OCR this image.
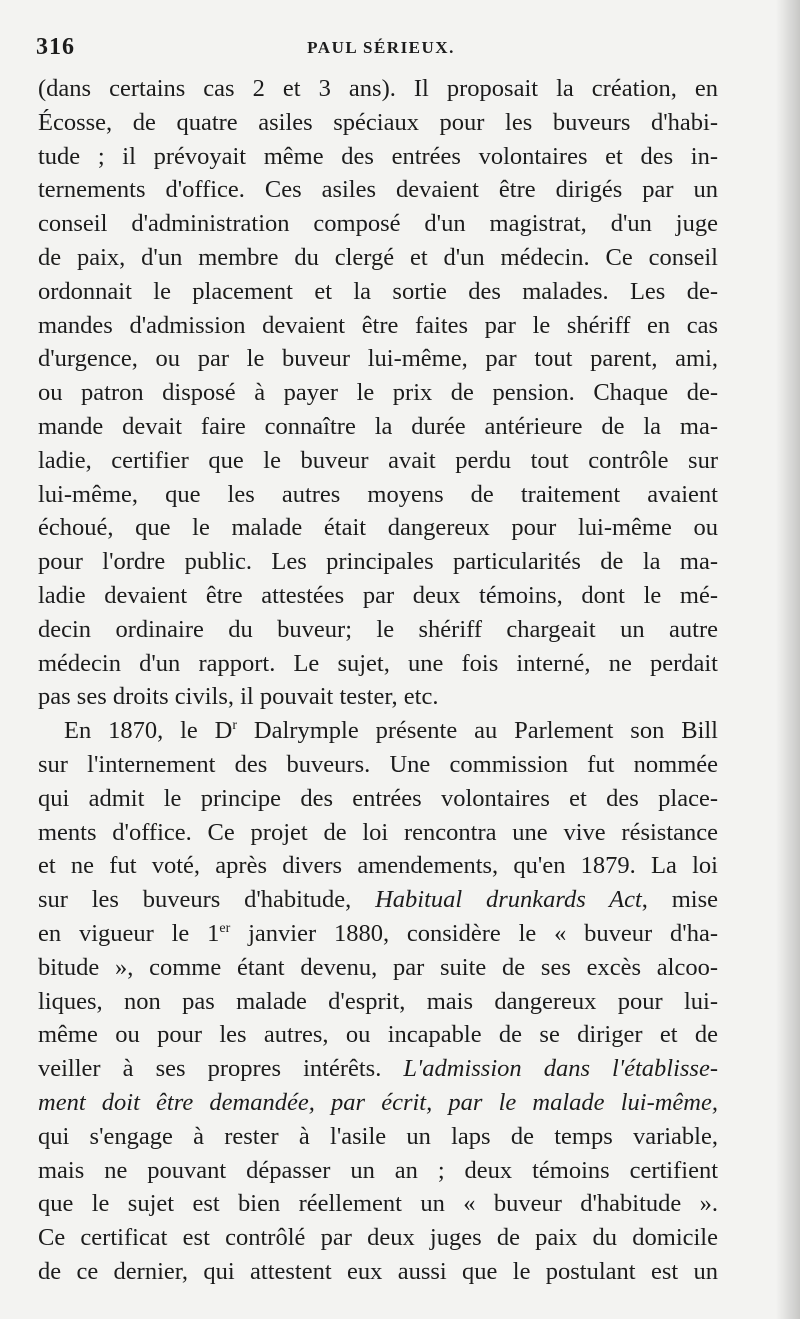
316	PAUL SÉRIEUX.
(dans certains cas 2 et 3 ans). Il proposait la création, en
Écosse, de quatre asiles spéciaux pour les buveurs d'habi-
tude ; il prévoyait même des entrées volontaires et des in-
ternements d'office. Ces asiles devaient être dirigés par un
conseil d'administration composé d'un magistrat, d'un juge
de paix, d'un membre du clergé et d'un médecin. Ce conseil
ordonnait le placement et la sortie des malades. Les de-
mandes d'admission devaient être faites par le shériff en cas
d'urgence, ou par le buveur lui-même, par tout parent, ami,
ou patron disposé à payer le prix de pension. Chaque de-
mande devait faire connaître la durée antérieure de la ma-
ladie, certifier que le buveur avait perdu tout contrôle sur
lui-même, que les autres moyens de traitement avaient
échoué, que le malade était dangereux pour lui-même ou
pour l'ordre public. Les principales particularités de la ma-
ladie devaient être attestées par deux témoins, dont le mé-
decin ordinaire du buveur; le shériff chargeait un autre
médecin d'un rapport. Le sujet, une fois interné, ne perdait
pas ses droits civils, il pouvait tester, etc.
En 1870, le $D^r$ Dalrymple présente au Parlement son Bill
sur l'internement des buveurs. Une commission fut nommée
qui admit le principe des entrées volontaires et des place-
ments d'office. Ce projet de loi rencontra une vive résistance
et ne fut voté, après divers amendements, qu'en 1879. La loi
sur les buveurs d'habitude, Habitual drunkards Act, mise
en vigueur le 1er janvier 1880, considère le « buveur d'ha-
bitude », comme étant devenu, par suite de ses excès alcoo-
liques, non pas malade d'esprit, mais dangereux pour lui-
même ou pour les autres, ou incapable de se diriger et de
veiller à ses propres intérêts. L'admission dans l'établisse-
ment doit être demandée, par écrit, par le malade lui-même,
qui s'engage à rester à l'asile un laps de temps variable,
mais ne pouvant dépasser un an ; deux témoins certifient
que le sujet est bien réellement un « buveur d'habitude ».
Ce certificat est contrôlé par deux juges de paix du domicile
de ce dernier, qui attestent eux aussi que le postulant est un
